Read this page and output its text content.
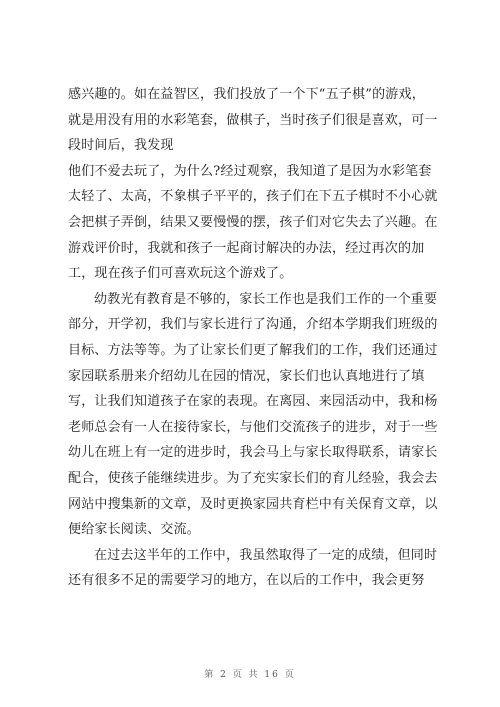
感兴趣的。如在益智区，我们投放了一个下“五子棋”的游戏，
就是用没有用的水彩笔套，做棋子，当时孩子们很是喜欢，可一
段时间后，我发现
他们不爱去玩了，为什么?经过观察，我知道了是因为水彩笔套
太轻了、太高，不象棋子平平的，孩子们在下五子棋时不小心就
会把棋子弄倒，结果又要慢慢的摆，孩子们对它失去了兴趣。在
游戏评价时，我就和孩子一起商讨解决的办法，经过再次的加
工，现在孩子们可喜欢玩这个游戏了。
幼教光有教育是不够的，家长工作也是我们工作的一个重要
部分，开学初，我们与家长进行了沟通，介绍本学期我们班级的
目标、方法等等。为了让家长们更了解我们的工作，我们还通过
家园联系册来介绍幼儿在园的情况，家长们也认真地进行了填
写，让我们知道孩子在家的表现。在离园、来园活动中，我和杨
老师总会有一人在接待家长，与他们交流孩子的进步，对于一些
幼儿在班上有一定的进步时，我会马上与家长取得联系，请家长
配合，使孩子能继续进步。为了充实家长们的育儿经验，我会去
网站中搜集新的文章，及时更换家园共育栏中有关保育文章，以
便给家长阅读、交流。
在过去这半年的工作中，我虽然取得了一定的成绩，但同时
还有很多不足的需要学习的地方，在以后的工作中，我会更努
第 2 页 共 16 页
